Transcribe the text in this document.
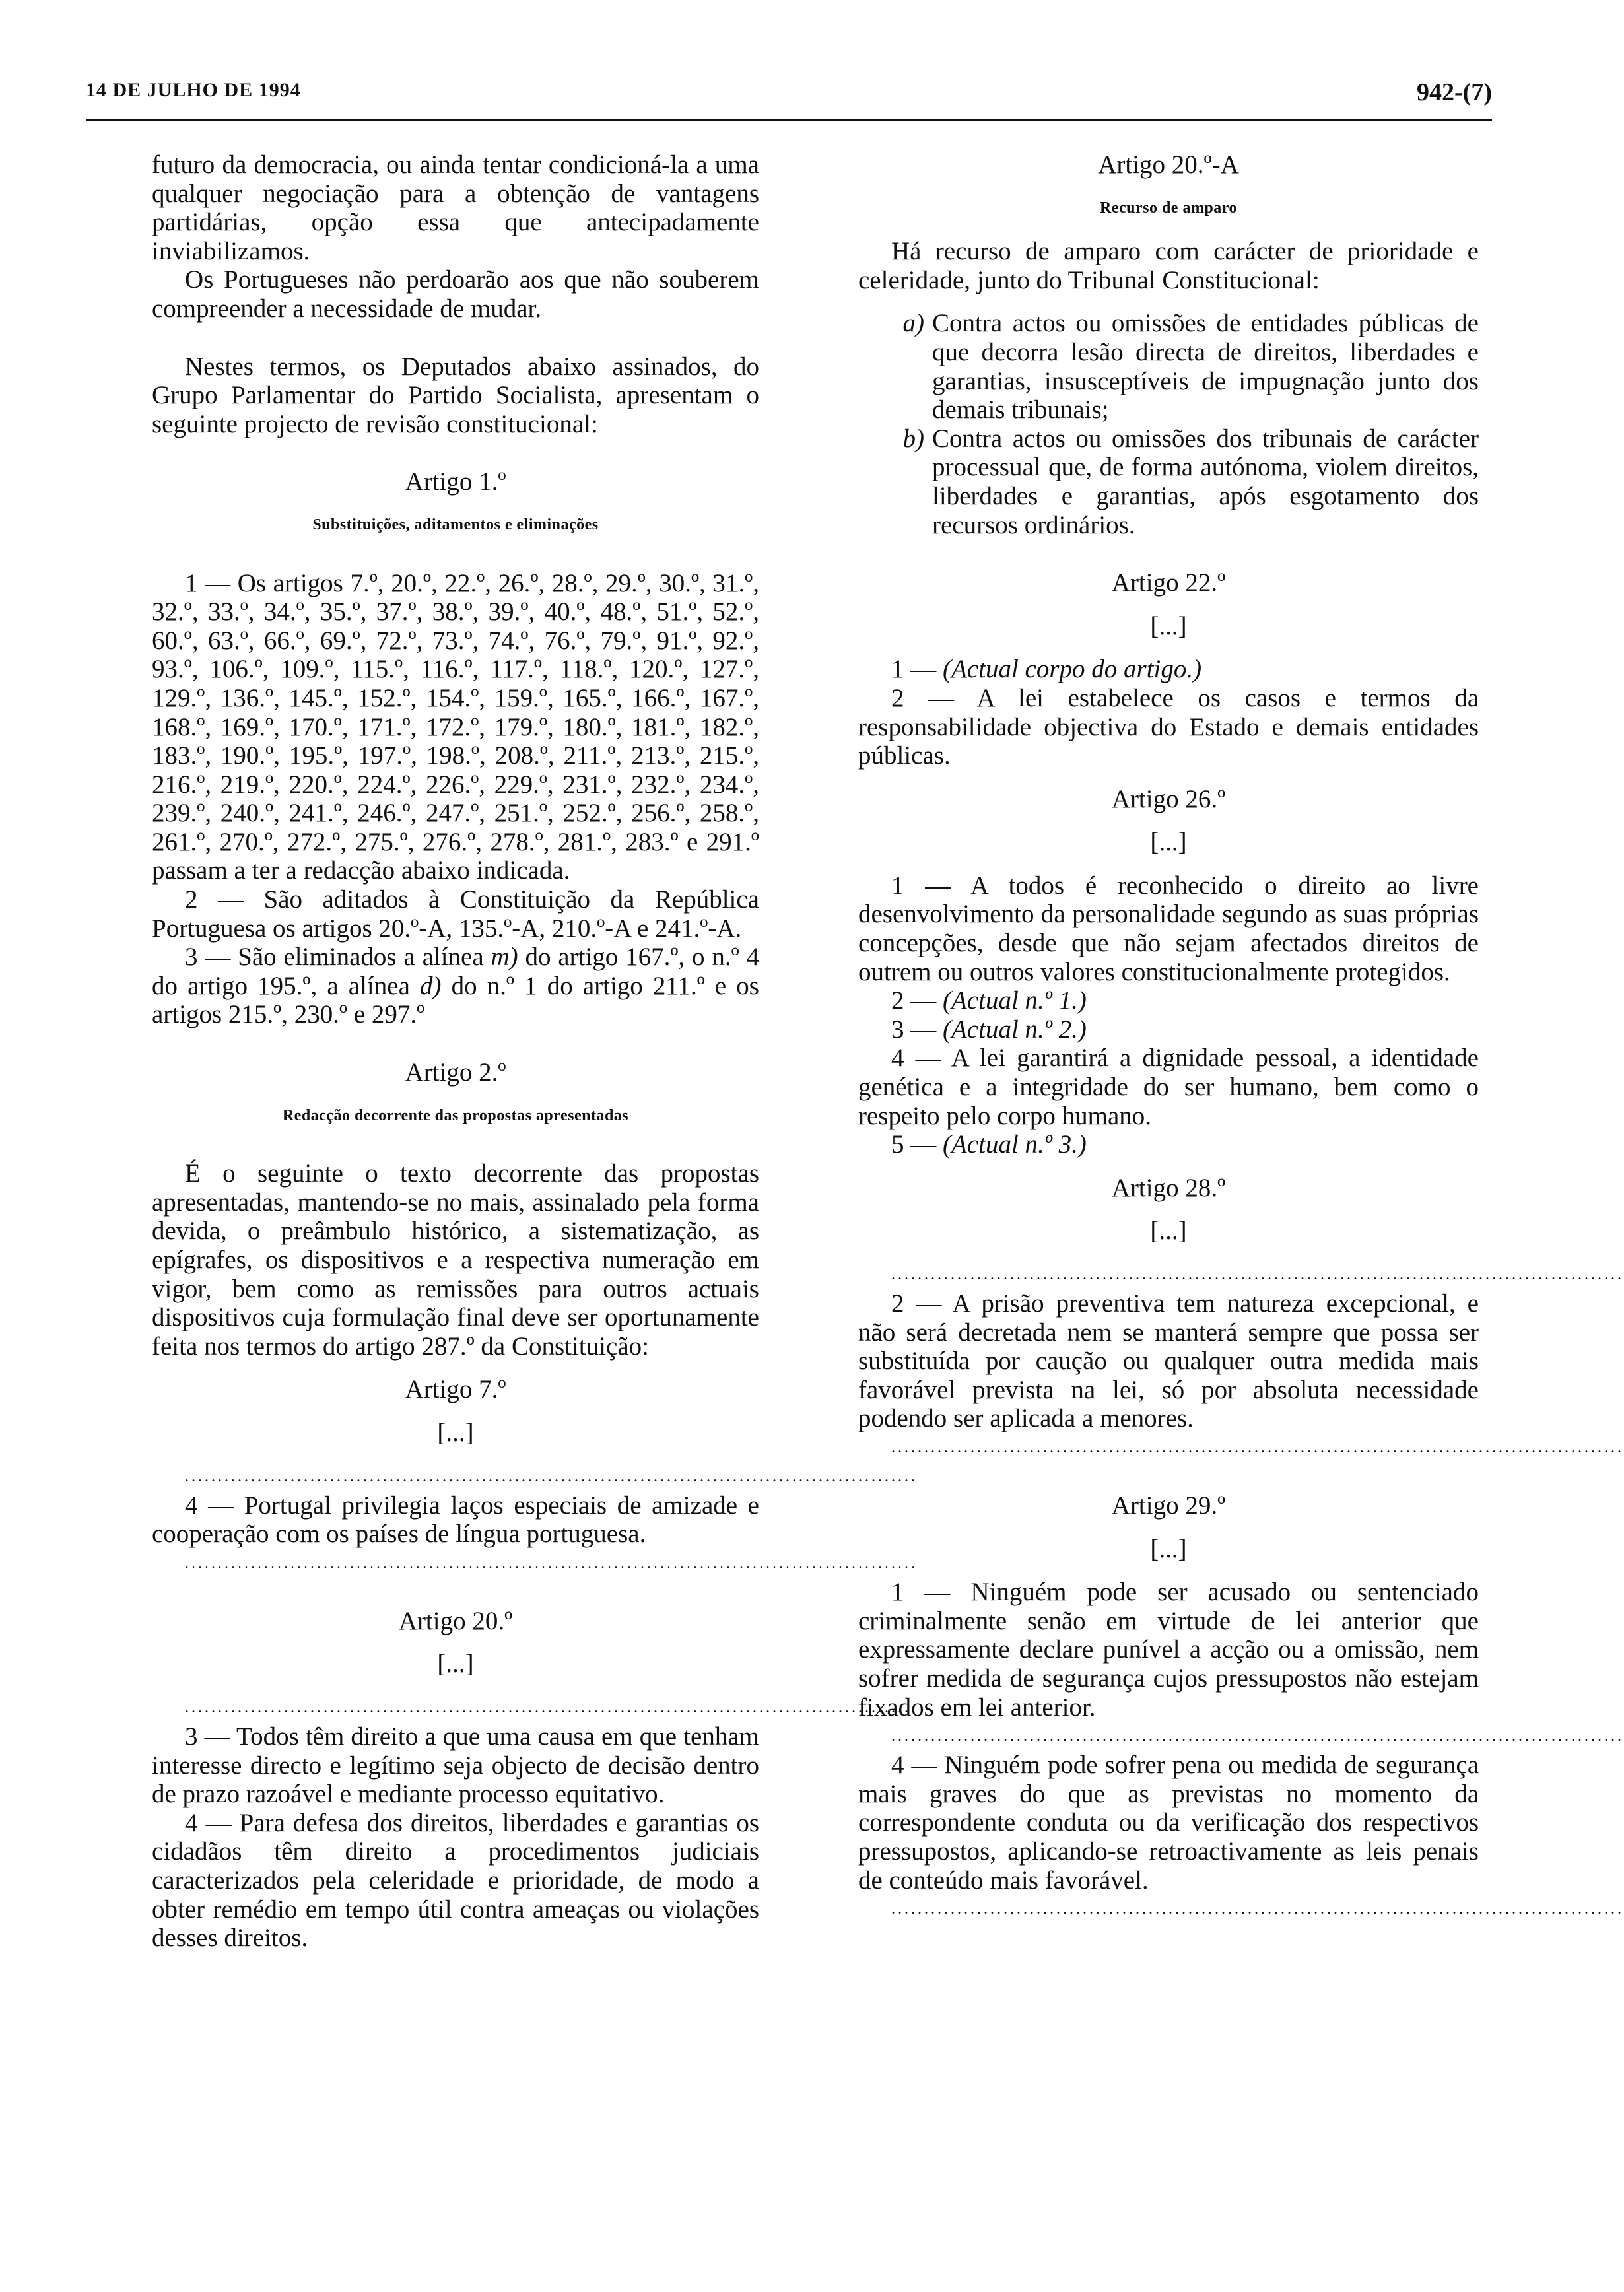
14 DE JULHO DE 1994	942-(7)

futuro da democracia, ou ainda tentar condicioná-la a uma qualquer negociação para a obtenção de vantagens partidárias, opção essa que antecipadamente inviabilizamos.

Os Portugueses não perdoarão aos que não souberem compreender a necessidade de mudar.

Nestes termos, os Deputados abaixo assinados, do Grupo Parlamentar do Partido Socialista, apresentam o seguinte projecto de revisão constitucional:

Artigo 1.º

Substituições, aditamentos e eliminações

1 — Os artigos 7.º, 20.º, 22.º, 26.º, 28.º, 29.º, 30.º, 31.º, 32.º, 33.º, 34.º, 35.º, 37.º, 38.º, 39.º, 40.º, 48.º, 51.º, 52.º, 60.º, 63.º, 66.º, 69.º, 72.º, 73.º, 74.º, 76.º, 79.º, 91.º, 92.º, 93.º, 106.º, 109.º, 115.º, 116.º, 117.º, 118.º, 120.º, 127.º, 129.º, 136.º, 145.º, 152.º, 154.º, 159.º, 165.º, 166.º, 167.º, 168.º, 169.º, 170.º, 171.º, 172.º, 179.º, 180.º, 181.º, 182.º, 183.º, 190.º, 195.º, 197.º, 198.º, 208.º, 211.º, 213.º, 215.º, 216.º, 219.º, 220.º, 224.º, 226.º, 229.º, 231.º, 232.º, 234.º, 239.º, 240.º, 241.º, 246.º, 247.º, 251.º, 252.º, 256.º, 258.º, 261.º, 270.º, 272.º, 275.º, 276.º, 278.º, 281.º, 283.º e 291.º passam a ter a redacção abaixo indicada.

2 — São aditados à Constituição da República Portuguesa os artigos 20.º-A, 135.º-A, 210.º-A e 241.º-A.

3 — São eliminados a alínea m) do artigo 167.º, o n.º 4 do artigo 195.º, a alínea d) do n.º 1 do artigo 211.º e os artigos 215.º, 230.º e 297.º

Artigo 2.º

Redacção decorrente das propostas apresentadas

É o seguinte o texto decorrente das propostas apresentadas, mantendo-se no mais, assinalado pela forma devida, o preâmbulo histórico, a sistematização, as epígrafes, os dispositivos e a respectiva numeração em vigor, bem como as remissões para outros actuais dispositivos cuja formulação final deve ser oportunamente feita nos termos do artigo 287.º da Constituição:

Artigo 7.º

[...]

...............................................................................................................

4 — Portugal privilegia laços especiais de amizade e cooperação com os países de língua portuguesa.

...............................................................................................................

Artigo 20.º

[...]

...............................................................................................................

3 — Todos têm direito a que uma causa em que tenham interesse directo e legítimo seja objecto de decisão dentro de prazo razoável e mediante processo equitativo.

4 — Para defesa dos direitos, liberdades e garantias os cidadãos têm direito a procedimentos judiciais caracterizados pela celeridade e prioridade, de modo a obter remédio em tempo útil contra ameaças ou violações desses direitos.

Artigo 20.º-A

Recurso de amparo

Há recurso de amparo com carácter de prioridade e celeridade, junto do Tribunal Constitucional:

a) Contra actos ou omissões de entidades públicas de que decorra lesão directa de direitos, liberdades e garantias, insusceptíveis de impugnação junto dos demais tribunais;
b) Contra actos ou omissões dos tribunais de carácter processual que, de forma autónoma, violem direitos, liberdades e garantias, após esgotamento dos recursos ordinários.

Artigo 22.º

[...]

1 — (Actual corpo do artigo.)

2 — A lei estabelece os casos e termos da responsabilidade objectiva do Estado e demais entidades públicas.

Artigo 26.º

[...]

1 — A todos é reconhecido o direito ao livre desenvolvimento da personalidade segundo as suas próprias concepções, desde que não sejam afectados direitos de outrem ou outros valores constitucionalmente protegidos.

2 — (Actual n.º 1.)

3 — (Actual n.º 2.)

4 — A lei garantirá a dignidade pessoal, a identidade genética e a integridade do ser humano, bem como o respeito pelo corpo humano.

5 — (Actual n.º 3.)

Artigo 28.º

[...]

...............................................................................................................

2 — A prisão preventiva tem natureza excepcional, e não será decretada nem se manterá sempre que possa ser substituída por caução ou qualquer outra medida mais favorável prevista na lei, só por absoluta necessidade podendo ser aplicada a menores.

...............................................................................................................

Artigo 29.º

[...]

1 — Ninguém pode ser acusado ou sentenciado criminalmente senão em virtude de lei anterior que expressamente declare punível a acção ou a omissão, nem sofrer medida de segurança cujos pressupostos não estejam fixados em lei anterior.

...............................................................................................................

4 — Ninguém pode sofrer pena ou medida de segurança mais graves do que as previstas no momento da correspondente conduta ou da verificação dos respectivos pressupostos, aplicando-se retroactivamente as leis penais de conteúdo mais favorável.

...............................................................................................................
